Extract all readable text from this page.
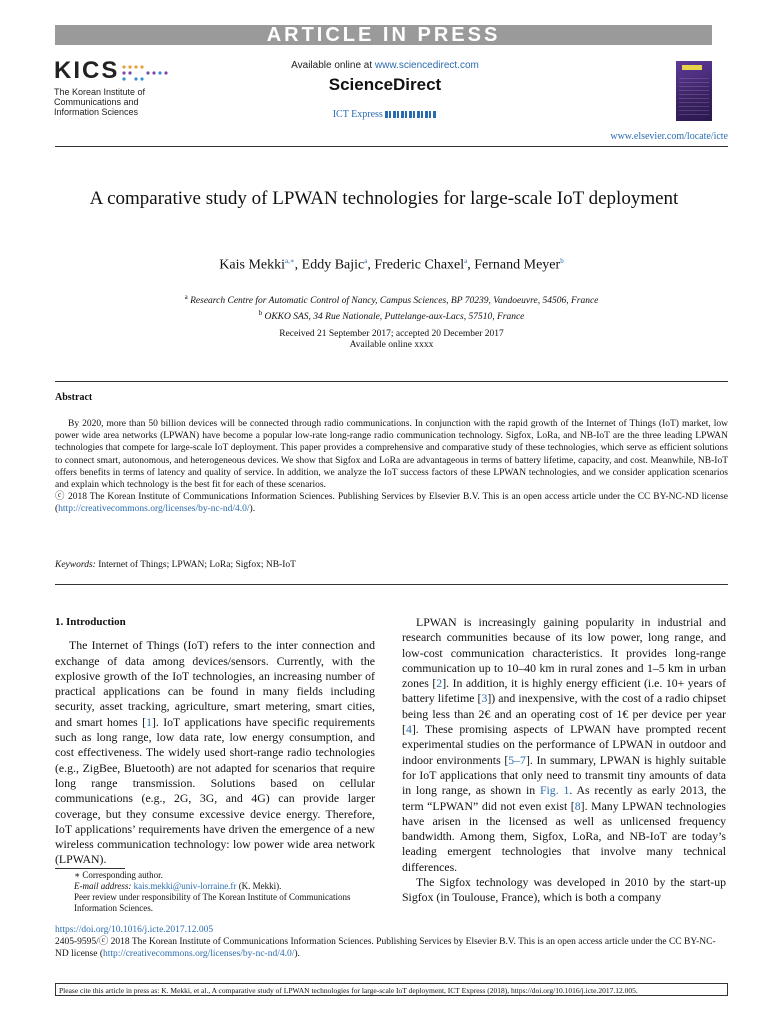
ARTICLE IN PRESS
KICS
The Korean Institute of
Communications and
Information Sciences
Available online at www.sciencedirect.com
ScienceDirect
ICT Express
www.elsevier.com/locate/icte
A comparative study of LPWAN technologies for large-scale IoT deployment
Kais Mekki$^{a,∗}$, Eddy Bajic$^a$, Frederic Chaxel$^a$, Fernand Meyer$^b$
$^a$ Research Centre for Automatic Control of Nancy, Campus Sciences, BP 70239, Vandoeuvre, 54506, France
$^b$ OKKO SAS, 34 Rue Nationale, Puttelange-aux-Lacs, 57510, France
Received 21 September 2017; accepted 20 December 2017
Available online xxxx
Abstract

By 2020, more than 50 billion devices will be connected through radio communications. In conjunction with the rapid growth of the Internet of Things (IoT) market, low power wide area networks (LPWAN) have become a popular low-rate long-range radio communication technology. Sigfox, LoRa, and NB-IoT are the three leading LPWAN technologies that compete for large-scale IoT deployment. This paper provides a comprehensive and comparative study of these technologies, which serve as efficient solutions to connect smart, autonomous, and heterogeneous devices. We show that Sigfox and LoRa are advantageous in terms of battery lifetime, capacity, and cost. Meanwhile, NB-IoT offers benefits in terms of latency and quality of service. In addition, we analyze the IoT success factors of these LPWAN technologies, and we consider application scenarios and explain which technology is the best fit for each of these scenarios.

ⓒ 2018 The Korean Institute of Communications Information Sciences. Publishing Services by Elsevier B.V. This is an open access article under the CC BY-NC-ND license (http://creativecommons.org/licenses/by-nc-nd/4.0/).

Keywords: Internet of Things; LPWAN; LoRa; Sigfox; NB-IoT

1. Introduction

The Internet of Things (IoT) refers to the inter connection and exchange of data among devices/sensors. Currently, with the explosive growth of the IoT technologies, an increasing number of practical applications can be found in many fields including security, asset tracking, agriculture, smart metering, smart cities, and smart homes [1]. IoT applications have specific requirements such as long range, low data rate, low energy consumption, and cost effectiveness. The widely used short-range radio technologies (e.g., ZigBee, Bluetooth) are not adapted for scenarios that require long range transmission. Solutions based on cellular communications (e.g., 2G, 3G, and 4G) can provide larger coverage, but they consume excessive device energy. Therefore, IoT applications’ requirements have driven the emergence of a new wireless communication technology: low power wide area network (LPWAN).

LPWAN is increasingly gaining popularity in industrial and research communities because of its low power, long range, and low-cost communication characteristics. It provides long-range communication up to 10–40 km in rural zones and 1–5 km in urban zones [2]. In addition, it is highly energy efficient (i.e. 10+ years of battery lifetime [3]) and inexpensive, with the cost of a radio chipset being less than 2€ and an operating cost of 1€ per device per year [4]. These promising aspects of LPWAN have prompted recent experimental studies on the performance of LPWAN in outdoor and indoor environments [5–7]. In summary, LPWAN is highly suitable for IoT applications that only need to transmit tiny amounts of data in long range, as shown in Fig. 1. As recently as early 2013, the term “LPWAN” did not even exist [8]. Many LPWAN technologies have arisen in the licensed as well as unlicensed frequency bandwidth. Among them, Sigfox, LoRa, and NB-IoT are today’s leading emergent technologies that involve many technical differences.

The Sigfox technology was developed in 2010 by the start-up Sigfox (in Toulouse, France), which is both a company

∗ Corresponding author.
E-mail address: kais.mekki@univ-lorraine.fr (K. Mekki).
Peer review under responsibility of The Korean Institute of Communications Information Sciences.
https://doi.org/10.1016/j.icte.2017.12.005
2405-9595/ⓒ 2018 The Korean Institute of Communications Information Sciences. Publishing Services by Elsevier B.V. This is an open access article under the CC BY-NC-ND license (http://creativecommons.org/licenses/by-nc-nd/4.0/).
Please cite this article in press as: K. Mekki, et al., A comparative study of LPWAN technologies for large-scale IoT deployment, ICT Express (2018), https://doi.org/10.1016/j.icte.2017.12.005.
